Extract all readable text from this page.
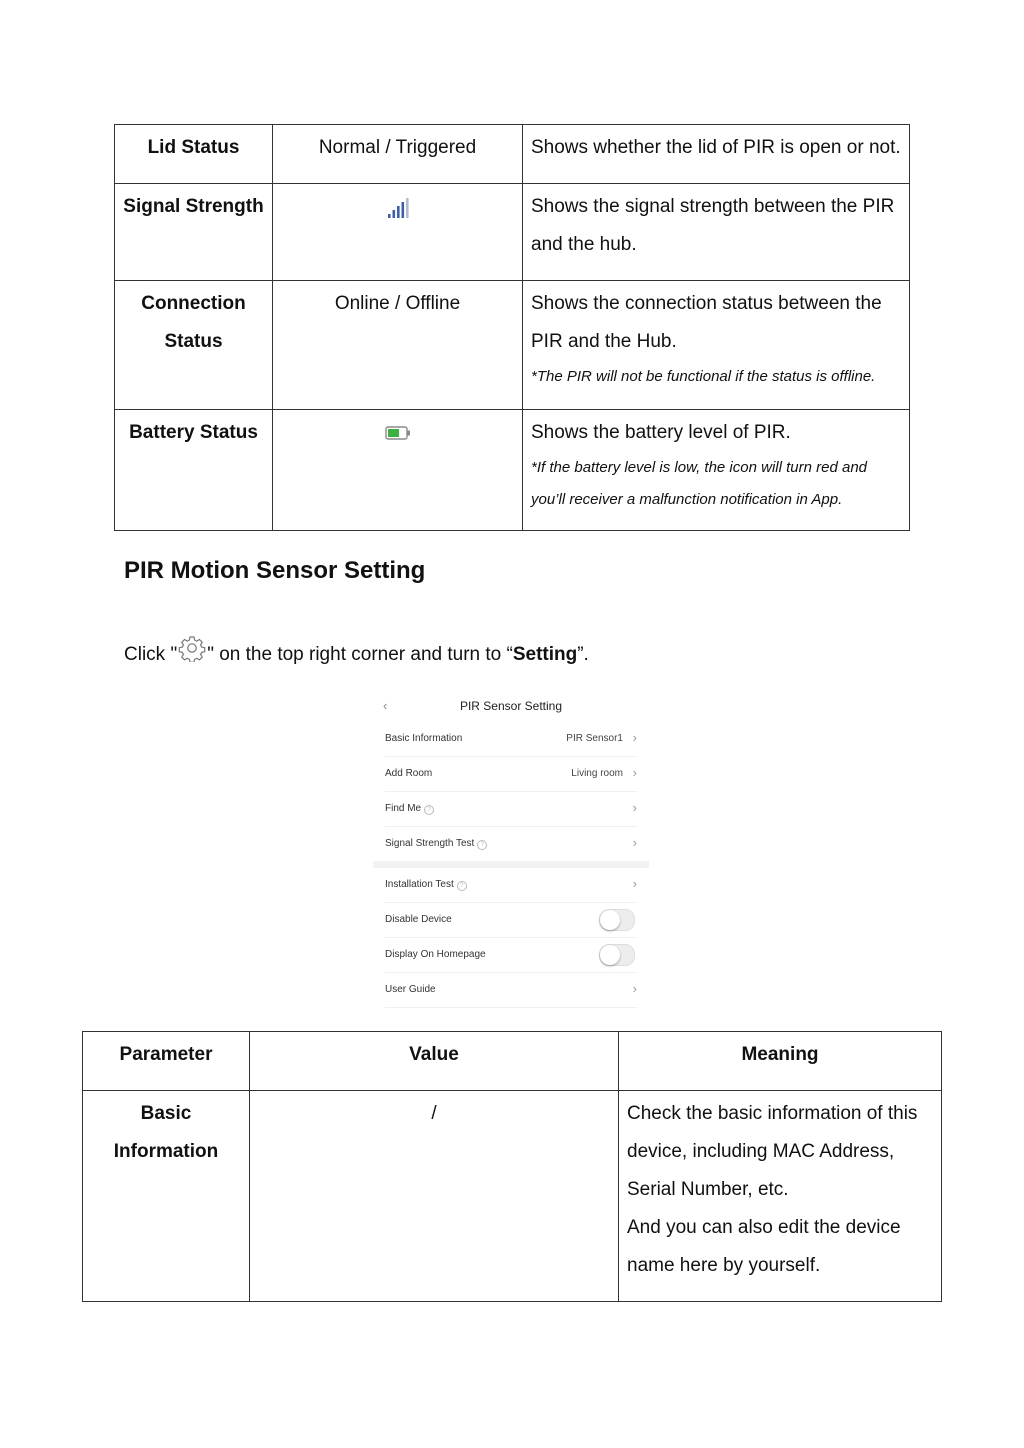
Lid Status	Normal / Triggered	Shows whether the lid of PIR is open or not.
Signal Strength		Shows the signal strength between the PIR and the hub.
Connection Status	Online / Offline	Shows the connection status between the PIR and the Hub.
*The PIR will not be functional if the status is offline.

Battery Status		Shows the battery level of PIR.
*If the battery level is low, the icon will turn red and you’ll receiver a malfunction notification in App.
PIR Motion Sensor Setting
Click " " on the top right corner and turn to “Setting”.
‹	PIR Sensor Setting
Basic Information	PIR Sensor1 ›
Add Room	Living room ›
Find Me ?	›
Signal Strength Test ?	›
Installation Test ?	›
Disable Device
Display On Homepage
User Guide	›
Parameter	Value	Meaning
Basic Information	/	Check the basic information of this device, including MAC Address, Serial Number, etc.
And you can also edit the device name here by yourself.
